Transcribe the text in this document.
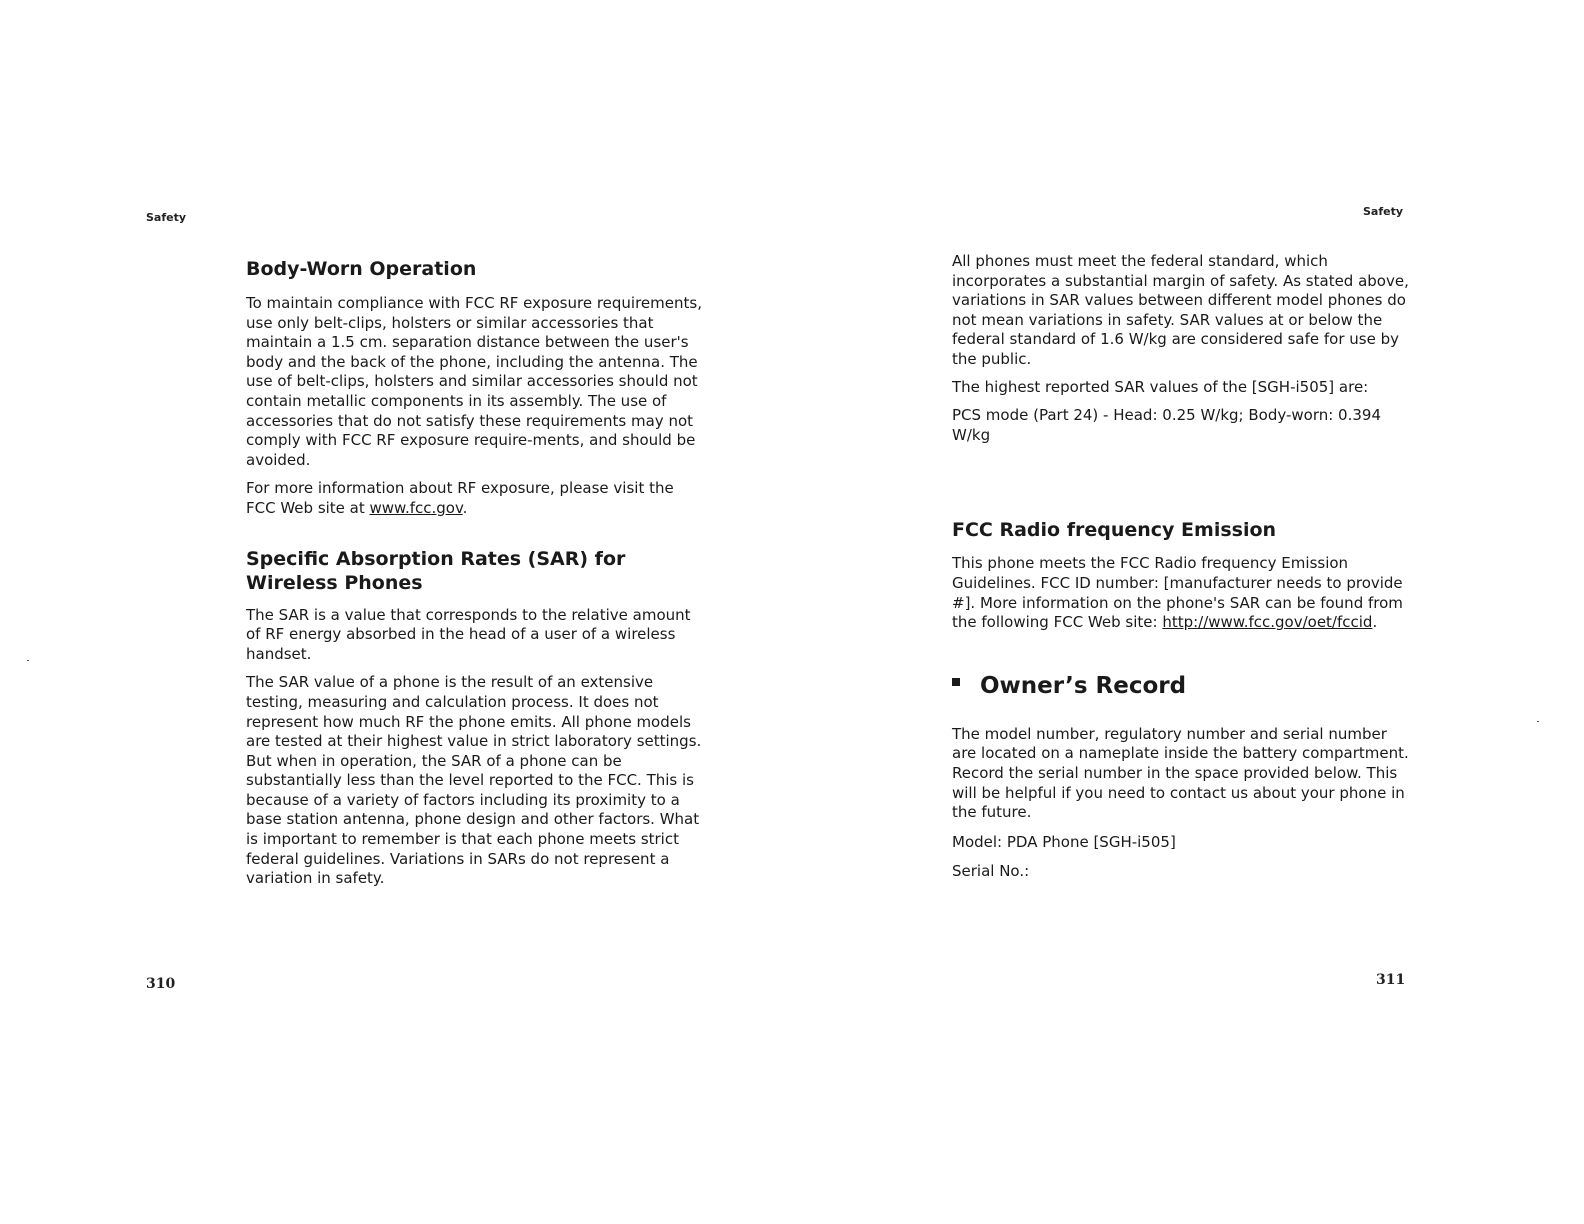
Safety
Body-Worn Operation

To maintain compliance with FCC RF exposure requirements, use only belt-clips, holsters or similar accessories that maintain a 1.5 cm. separation distance between the user's body and the back of the phone, including the antenna. The use of belt-clips, holsters and similar accessories should not contain metallic components in its assembly. The use of accessories that do not satisfy these requirements may not comply with FCC RF exposure require-ments, and should be avoided.

For more information about RF exposure, please visit the FCC Web site at www.fcc.gov.

Specific Absorption Rates (SAR) for
Wireless Phones

The SAR is a value that corresponds to the relative amount of RF energy absorbed in the head of a user of a wireless handset.

The SAR value of a phone is the result of an extensive testing, measuring and calculation process. It does not represent how much RF the phone emits. All phone models are tested at their highest value in strict laboratory settings. But when in operation, the SAR of a phone can be substantially less than the level reported to the FCC. This is because of a variety of factors including its proximity to a base station antenna, phone design and other factors. What is important to remember is that each phone meets strict federal guidelines. Variations in SARs do not represent a variation in safety.

310
Safety

All phones must meet the federal standard, which incorporates a substantial margin of safety. As stated above, variations in SAR values between different model phones do not mean variations in safety. SAR values at or below the federal standard of 1.6 W/kg are considered safe for use by the public.

The highest reported SAR values of the [SGH-i505] are:

PCS mode (Part 24) - Head: 0.25 W/kg; Body-worn: 0.394 W/kg

FCC Radio frequency Emission

This phone meets the FCC Radio frequency Emission Guidelines. FCC ID number: [manufacturer needs to provide #]. More information on the phone's SAR can be found from the following FCC Web site: http://www.fcc.gov/oet/fccid.

Owner’s Record

The model number, regulatory number and serial number are located on a nameplate inside the battery compartment. Record the serial number in the space provided below. This will be helpful if you need to contact us about your phone in the future.

Model: PDA Phone [SGH-i505]

Serial No.:

311
